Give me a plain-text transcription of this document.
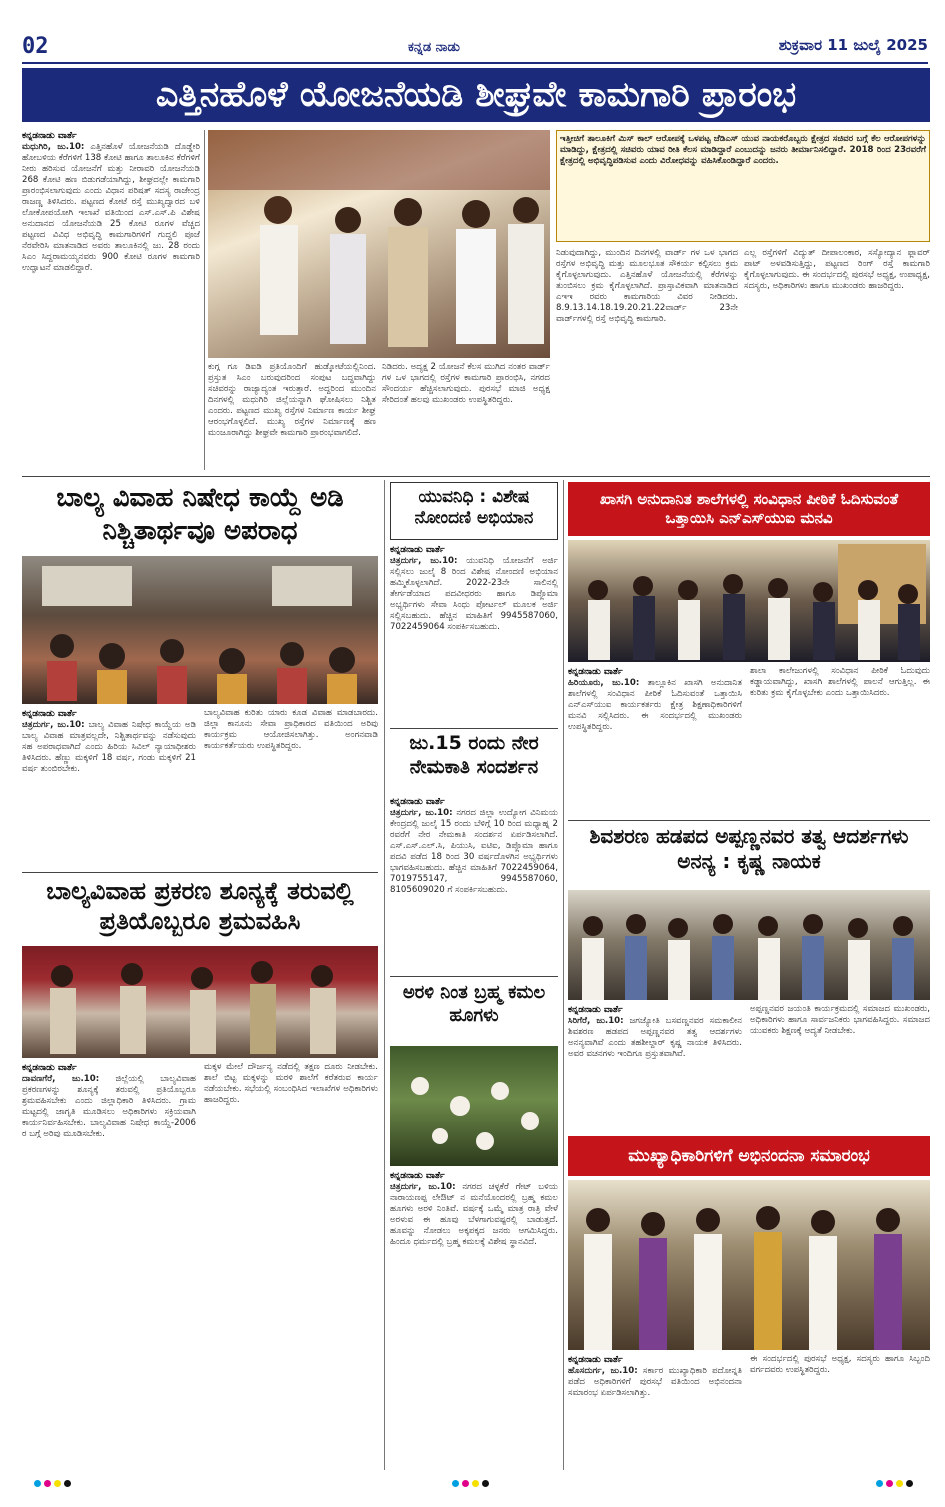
02	ಕನ್ನಡ ನಾಡು	ಶುಕ್ರವಾರ 11 ಜುಲೈ 2025
ಎತ್ತಿನಹೊಳೆ ಯೋಜನೆಯಡಿ ಶೀಘ್ರವೇ ಕಾಮಗಾರಿ ಪ್ರಾರಂಭ
ಕನ್ನಡನಾಡು ವಾರ್ತೆ
ಮಧುಗಿರಿ, ಜು.10: ಎತ್ತಿನಹೊಳೆ ಯೋಜನೆಯಡಿ ದೊಡ್ಡೇರಿ ಹೋಬಳಿಯ ಕೆರೆಗಳಿಗೆ 138 ಕೋಟಿ ಹಾಗೂ ತಾಲೂಕಿನ ಕೆರೆಗಳಿಗೆ ನೀರು ಹರಿಸುವ ಯೋಜನೆಗೆ ಮತ್ತು ನೀರಾವರಿ ಯೋಜನೆಯಡಿ 268 ಕೋಟಿ ಹಣ ಬಿಡುಗಡೆಯಾಗಿದ್ದು, ಶೀಘ್ರದಲ್ಲೇ ಕಾಮಗಾರಿ ಪ್ರಾರಂಭಿಸಲಾಗುವುದು ಎಂದು ವಿಧಾನ ಪರಿಷತ್ ಸದಸ್ಯ ರಾಜೇಂದ್ರ ರಾಜಣ್ಣ ತಿಳಿಸಿದರು. ಪಟ್ಟಣದ ಕೋಟೆ ರಸ್ತೆ ಮುಖ್ಯದ್ವಾರದ ಬಳಿ ಲೋಕೋಪಯೋಗಿ ಇಲಾಖೆ ವತಿಯಿಂದ ಎಸ್.ಎಸ್.ಪಿ ವಿಶೇಷ ಅನುದಾನದ ಯೋಜನೆಯಡಿ 25 ಕೋಟಿ ರೂಗಳ ವೆಚ್ಚದ ಪಟ್ಟಣದ ವಿವಿಧ ಅಭಿವೃದ್ಧಿ ಕಾಮಗಾರಿಗಳಿಗೆ ಗುದ್ದಲಿ ಪೂಜೆ ನೆರವೇರಿಸಿ ಮಾತನಾಡಿದ ಅವರು ತಾಲೂಕಿನಲ್ಲಿ ಜು. 28 ರಂದು ಸಿಎಂ ಸಿದ್ದರಾಮಯ್ಯನವರು 900 ಕೋಟಿ ರೂಗಳ ಕಾಮಗಾರಿ ಉದ್ಘಾಟನೆ ಮಾಡಲಿದ್ದಾರೆ.
ಕುಗ್ಗ ಗೂ ಡಿಐಡಿ ಪ್ರತಿಯೊಂದಿಗೆ ಹುಡ್ಕೋಟೆಯಲ್ಲಿನಿಂದ. ಪ್ರಸ್ತುತ ಸಿಎಂ ಬರುವುದರಿಂದ ಸಂಪುಟ ಬದ್ಧವಾಗಿದ್ದು ಸಚಿವರನ್ನು ರಾಜ್ಯಾದ್ಯಂತ ಇರುತ್ತಾರೆ. ಅದ್ದರಿಂದ ಮುಂದಿನ ದಿನಗಳಲ್ಲಿ ಮಧುಗಿರಿ ಜಿಲ್ಲೆಯನ್ನಾಗಿ ಘೋಷಿಸಲು ನಿಶ್ಚಿತ ಎಂದರು. ಪಟ್ಟಣದ ಮುಖ್ಯ ರಸ್ತೆಗಳ ನಿರ್ಮಾಣ ಕಾರ್ಯ ಶೀಘ್ರ ಆರಂಭಗೊಳ್ಳಲಿದೆ. ಮುಖ್ಯ ರಸ್ತೆಗಳ ನಿರ್ಮಾಣಕ್ಕೆ ಹಣ ಮಂಜೂರಾಗಿದ್ದು ಶೀಘ್ರವೇ ಕಾಮಗಾರಿ ಪ್ರಾರಂಭವಾಗಲಿದೆ.
ನಿಡಿದರು. ಅದ್ಯಕ್ಷ 2 ಯೋಜನೆ ಕೆಲಸ ಮುಗಿದ ನಂತರ ವಾರ್ಡ್ ಗಳ ಒಳ ಭಾಗದಲ್ಲಿ ರಸ್ತೆಗಳ ಕಾಮಗಾರಿ ಪ್ರಾರಂಭಿಸಿ, ನಗರದ ಸೌಂದರ್ಯ ಹೆಚ್ಚಿಸಲಾಗುವುದು. ಪುರಸಭೆ ಮಾಜಿ ಅಧ್ಯಕ್ಷ ಸೇರಿದಂತೆ ಹಲವು ಮುಖಂಡರು ಉಪಸ್ಥಿತರಿದ್ದರು.
ಇತ್ತೀಚಿಗೆ ತಾಲೂಕಿಗೆ ಮಿಸ್ ಕಾಲ್ ಆರೋಪಕ್ಕೆ ಒಳಪಟ್ಟ ಜೆಡಿಎಸ್ ಯುವ ನಾಯಕರೊಬ್ಬರು ಕ್ಷೇತ್ರದ ಸಚಿವರ ಬಗ್ಗೆ ಕೆಲ ಆರೋಪಗಳನ್ನು ಮಾಡಿದ್ದು, ಕ್ಷೇತ್ರದಲ್ಲಿ ಸಚಿವರು ಯಾವ ರೀತಿ ಕೆಲಸ ಮಾಡಿದ್ದಾರೆ ಎಂಬುದನ್ನು ಜನರು ತೀರ್ಮಾನಿಸಲಿದ್ದಾರೆ. 2018 ರಿಂದ 23ರವರೆಗೆ ಕ್ಷೇತ್ರದಲ್ಲಿ ಅಭಿವೃದ್ಧಿಪಡಿಸುವ ಎಂದು ವಿರೋಧವನ್ನು ವಹಿಸಿಕೊಂಡಿದ್ದಾರೆ ಎಂದರು.
ನಿಡುವುದಾಗಿದ್ದು, ಮುಂದಿನ ದಿನಗಳಲ್ಲಿ ವಾರ್ಡ್ ಗಳ ಒಳ ಭಾಗದ ರಸ್ತೆಗಳ ಅಭಿವೃದ್ಧಿ ಮತ್ತು ಮೂಲಭೂತ ಸೌಕರ್ಯ ಕಲ್ಪಿಸಲು ಕ್ರಮ ಕೈಗೊಳ್ಳಲಾಗುವುದು. ಎತ್ತಿನಹೊಳೆ ಯೋಜನೆಯಲ್ಲಿ ಕೆರೆಗಳನ್ನು ತುಂಬಿಸಲು ಕ್ರಮ ಕೈಗೊಳ್ಳಲಾಗಿದೆ. ಪ್ರಾಸ್ತಾವಿಕವಾಗಿ ಮಾತನಾಡಿದ ಎಇಇ ರವರು ಕಾಮಗಾರಿಯ ವಿವರ ನೀಡಿದರು. 8.9.13.14.18.19.20.21.22ವಾರ್ಡ್ 23ನೇ ವಾರ್ಡ್‌ಗಳಲ್ಲಿ ರಸ್ತೆ ಅಭಿವೃದ್ಧಿ ಕಾಮಗಾರಿ.
ಎಲ್ಲ ರಸ್ತೆಗಳಿಗೆ ವಿದ್ಯುತ್ ದೀಪಾಲಂಕಾರ, ಸಸ್ಯೋದ್ಯಾನ ಫ್ಲಾವರ್ ಪಾಟ್ ಅಳವಡಿಸುತ್ತಿದ್ದು, ಪಟ್ಟಣದ ರಿಂಗ್ ರಸ್ತೆ ಕಾಮಗಾರಿ ಕೈಗೊಳ್ಳಲಾಗುವುದು. ಈ ಸಂದರ್ಭದಲ್ಲಿ ಪುರಸಭೆ ಅಧ್ಯಕ್ಷ, ಉಪಾಧ್ಯಕ್ಷ, ಸದಸ್ಯರು, ಅಧಿಕಾರಿಗಳು ಹಾಗೂ ಮುಖಂಡರು ಹಾಜರಿದ್ದರು.
ಬಾಲ್ಯ ವಿವಾಹ ನಿಷೇಧ ಕಾಯ್ದೆ ಅಡಿ ನಿಶ್ಚಿತಾರ್ಥವೂ ಅಪರಾಧ
ಕನ್ನಡನಾಡು ವಾರ್ತೆ
ಚಿತ್ರದುರ್ಗ, ಜು.10: ಬಾಲ್ಯ ವಿವಾಹ ನಿಷೇಧ ಕಾಯ್ದೆಯ ಅಡಿ ಬಾಲ್ಯ ವಿವಾಹ ಮಾತ್ರವಲ್ಲದೇ, ನಿಶ್ಚಿತಾರ್ಥವನ್ನು ನಡೆಸುವುದು ಸಹ ಅಪರಾಧವಾಗಿದೆ ಎಂದು ಹಿರಿಯ ಸಿವಿಲ್ ನ್ಯಾಯಾಧೀಶರು ತಿಳಿಸಿದರು. ಹೆಣ್ಣು ಮಕ್ಕಳಿಗೆ 18 ವರ್ಷ, ಗಂಡು ಮಕ್ಕಳಿಗೆ 21 ವರ್ಷ ತುಂಬಿರಬೇಕು.
ಬಾಲ್ಯವಿವಾಹ ಕುರಿತು ಯಾರು ಕೂಡ ವಿವಾಹ ಮಾಡಬಾರದು. ಜಿಲ್ಲಾ ಕಾನೂನು ಸೇವಾ ಪ್ರಾಧಿಕಾರದ ವತಿಯಿಂದ ಅರಿವು ಕಾರ್ಯಕ್ರಮ ಆಯೋಜಿಸಲಾಗಿತ್ತು. ಅಂಗನವಾಡಿ ಕಾರ್ಯಕರ್ತೆಯರು ಉಪಸ್ಥಿತರಿದ್ದರು.
ಬಾಲ್ಯವಿವಾಹ ಪ್ರಕರಣ ಶೂನ್ಯಕ್ಕೆ ತರುವಲ್ಲಿ ಪ್ರತಿಯೊಬ್ಬರೂ ಶ್ರಮವಹಿಸಿ
ಕನ್ನಡನಾಡು ವಾರ್ತೆ
ದಾವಣಗೆರೆ, ಜು.10: ಜಿಲ್ಲೆಯಲ್ಲಿ ಬಾಲ್ಯವಿವಾಹ ಪ್ರಕರಣಗಳನ್ನು ಶೂನ್ಯಕ್ಕೆ ತರುವಲ್ಲಿ ಪ್ರತಿಯೊಬ್ಬರೂ ಶ್ರಮವಹಿಸಬೇಕು ಎಂದು ಜಿಲ್ಲಾಧಿಕಾರಿ ತಿಳಿಸಿದರು. ಗ್ರಾಮ ಮಟ್ಟದಲ್ಲಿ ಜಾಗೃತಿ ಮೂಡಿಸಲು ಅಧಿಕಾರಿಗಳು ಸಕ್ರಿಯವಾಗಿ ಕಾರ್ಯನಿರ್ವಹಿಸಬೇಕು. ಬಾಲ್ಯವಿವಾಹ ನಿಷೇಧ ಕಾಯ್ದೆ-2006 ರ ಬಗ್ಗೆ ಅರಿವು ಮೂಡಿಸಬೇಕು.
ಮಕ್ಕಳ ಮೇಲೆ ದೌರ್ಜನ್ಯ ನಡೆದಲ್ಲಿ ತಕ್ಷಣ ದೂರು ನೀಡಬೇಕು. ಶಾಲೆ ಬಿಟ್ಟ ಮಕ್ಕಳನ್ನು ಮರಳಿ ಶಾಲೆಗೆ ಕರೆತರುವ ಕಾರ್ಯ ನಡೆಯಬೇಕು. ಸಭೆಯಲ್ಲಿ ಸಂಬಂಧಿಸಿದ ಇಲಾಖೆಗಳ ಅಧಿಕಾರಿಗಳು ಹಾಜರಿದ್ದರು.
ಯುವನಿಧಿ : ವಿಶೇಷ ನೋಂದಣಿ ಅಭಿಯಾನ
ಕನ್ನಡನಾಡು ವಾರ್ತೆ
ಚಿತ್ರದುರ್ಗ, ಜು.10: ಯುವನಿಧಿ ಯೋಜನೆಗೆ ಅರ್ಜಿ ಸಲ್ಲಿಸಲು ಜುಲೈ 8 ರಿಂದ ವಿಶೇಷ ನೋಂದಣಿ ಅಭಿಯಾನ ಹಮ್ಮಿಕೊಳ್ಳಲಾಗಿದೆ. 2022-23ನೇ ಸಾಲಿನಲ್ಲಿ ತೇರ್ಗಡೆಯಾದ ಪದವೀಧರರು ಹಾಗೂ ಡಿಪ್ಲೊಮಾ ಅಭ್ಯರ್ಥಿಗಳು ಸೇವಾ ಸಿಂಧು ಪೋರ್ಟಲ್ ಮೂಲಕ ಅರ್ಜಿ ಸಲ್ಲಿಸಬಹುದು. ಹೆಚ್ಚಿನ ಮಾಹಿತಿಗೆ 9945587060, 7022459064 ಸಂಪರ್ಕಿಸಬಹುದು.
ಜು.15 ರಂದು ನೇರ ನೇಮಕಾತಿ ಸಂದರ್ಶನ
ಕನ್ನಡನಾಡು ವಾರ್ತೆ
ಚಿತ್ರದುರ್ಗ, ಜು.10: ನಗರದ ಜಿಲ್ಲಾ ಉದ್ಯೋಗ ವಿನಿಮಯ ಕೇಂದ್ರದಲ್ಲಿ ಜುಲೈ 15 ರಂದು ಬೆಳಿಗ್ಗೆ 10 ರಿಂದ ಮಧ್ಯಾಹ್ನ 2 ರವರೆಗೆ ನೇರ ನೇಮಕಾತಿ ಸಂದರ್ಶನ ಏರ್ಪಡಿಸಲಾಗಿದೆ. ಎಸ್.ಎಸ್.ಎಲ್.ಸಿ, ಪಿಯುಸಿ, ಐಟಿಐ, ಡಿಪ್ಲೊಮಾ ಹಾಗೂ ಪದವಿ ಪಡೆದ 18 ರಿಂದ 30 ವರ್ಷದೊಳಗಿನ ಅಭ್ಯರ್ಥಿಗಳು ಭಾಗವಹಿಸಬಹುದು. ಹೆಚ್ಚಿನ ಮಾಹಿತಿಗೆ 7022459064, 7019755147, 9945587060, 8105609020 ಗೆ ಸಂಪರ್ಕಿಸಬಹುದು.
ಅರಳಿ ನಿಂತ ಬ್ರಹ್ಮ ಕಮಲ ಹೂಗಳು
ಕನ್ನಡನಾಡು ವಾರ್ತೆ
ಚಿತ್ರದುರ್ಗ, ಜು.10: ನಗರದ ಚಳ್ಳಕೆರೆ ಗೇಟ್ ಬಳಿಯ ನಾರಾಯಣಪ್ಪ ಲೇಔಟ್ ನ ಮನೆಯೊಂದರಲ್ಲಿ ಬ್ರಹ್ಮ ಕಮಲ ಹೂಗಳು ಅರಳಿ ನಿಂತಿವೆ. ವರ್ಷಕ್ಕೆ ಒಮ್ಮೆ ಮಾತ್ರ ರಾತ್ರಿ ವೇಳೆ ಅರಳುವ ಈ ಹೂವು ಬೆಳಗಾಗುವಷ್ಟರಲ್ಲಿ ಬಾಡುತ್ತದೆ. ಹೂವನ್ನು ನೋಡಲು ಅಕ್ಕಪಕ್ಕದ ಜನರು ಆಗಮಿಸಿದ್ದರು. ಹಿಂದೂ ಧರ್ಮದಲ್ಲಿ ಬ್ರಹ್ಮ ಕಮಲಕ್ಕೆ ವಿಶೇಷ ಸ್ಥಾನವಿದೆ.
ಖಾಸಗಿ ಅನುದಾನಿತ ಶಾಲೆಗಳಲ್ಲಿ ಸಂವಿಧಾನ ಪೀಠಿಕೆ ಓದಿಸುವಂತೆ ಒತ್ತಾಯಿಸಿ ಎನ್‌ಎಸ್‌ಯುಐ ಮನವಿ
ಕನ್ನಡನಾಡು ವಾರ್ತೆ
ಹಿರಿಯೂರು, ಜು.10: ತಾಲ್ಲೂಕಿನ ಖಾಸಗಿ ಅನುದಾನಿತ ಶಾಲೆಗಳಲ್ಲಿ ಸಂವಿಧಾನ ಪೀಠಿಕೆ ಓದಿಸುವಂತೆ ಒತ್ತಾಯಿಸಿ ಎನ್‌ಎಸ್‌ಯುಐ ಕಾರ್ಯಕರ್ತರು ಕ್ಷೇತ್ರ ಶಿಕ್ಷಣಾಧಿಕಾರಿಗಳಿಗೆ ಮನವಿ ಸಲ್ಲಿಸಿದರು. ಈ ಸಂದರ್ಭದಲ್ಲಿ ಮುಖಂಡರು ಉಪಸ್ಥಿತರಿದ್ದರು.
ಶಾಲಾ ಕಾಲೇಜುಗಳಲ್ಲಿ ಸಂವಿಧಾನ ಪೀಠಿಕೆ ಓದುವುದು ಕಡ್ಡಾಯವಾಗಿದ್ದು, ಖಾಸಗಿ ಶಾಲೆಗಳಲ್ಲಿ ಪಾಲನೆ ಆಗುತ್ತಿಲ್ಲ. ಈ ಕುರಿತು ಕ್ರಮ ಕೈಗೊಳ್ಳಬೇಕು ಎಂದು ಒತ್ತಾಯಿಸಿದರು.
ಶಿವಶರಣ ಹಡಪದ ಅಪ್ಪಣ್ಣನವರ ತತ್ವ ಆದರ್ಶಗಳು ಅನನ್ಯ : ಕೃಷ್ಣ ನಾಯಕ
ಕನ್ನಡನಾಡು ವಾರ್ತೆ
ಸಿರಿಗೆರೆ, ಜು.10: ಜಗಜ್ಯೋತಿ ಬಸವಣ್ಣನವರ ಸಮಕಾಲೀನ ಶಿವಶರಣ ಹಡಪದ ಅಪ್ಪಣ್ಣನವರ ತತ್ವ ಆದರ್ಶಗಳು ಅನನ್ಯವಾಗಿವೆ ಎಂದು ತಹಶೀಲ್ದಾರ್ ಕೃಷ್ಣ ನಾಯಕ ತಿಳಿಸಿದರು. ಅವರ ವಚನಗಳು ಇಂದಿಗೂ ಪ್ರಸ್ತುತವಾಗಿವೆ.
ಅಪ್ಪಣ್ಣನವರ ಜಯಂತಿ ಕಾರ್ಯಕ್ರಮದಲ್ಲಿ ಸಮಾಜದ ಮುಖಂಡರು, ಅಧಿಕಾರಿಗಳು ಹಾಗೂ ಸಾರ್ವಜನಿಕರು ಭಾಗವಹಿಸಿದ್ದರು. ಸಮಾಜದ ಯುವಕರು ಶಿಕ್ಷಣಕ್ಕೆ ಆದ್ಯತೆ ನೀಡಬೇಕು.
ಮುಖ್ಯಾಧಿಕಾರಿಗಳಿಗೆ ಅಭಿನಂದನಾ ಸಮಾರಂಭ
ಕನ್ನಡನಾಡು ವಾರ್ತೆ
ಹೊಸದುರ್ಗ, ಜು.10: ಸರ್ಕಾರ ಮುಖ್ಯಾಧಿಕಾರಿ ಪದೋನ್ನತಿ ಪಡೆದ ಅಧಿಕಾರಿಗಳಿಗೆ ಪುರಸಭೆ ವತಿಯಿಂದ ಅಭಿನಂದನಾ ಸಮಾರಂಭ ಏರ್ಪಡಿಸಲಾಗಿತ್ತು.
ಈ ಸಂದರ್ಭದಲ್ಲಿ ಪುರಸಭೆ ಅಧ್ಯಕ್ಷ, ಸದಸ್ಯರು ಹಾಗೂ ಸಿಬ್ಬಂದಿ ವರ್ಗದವರು ಉಪಸ್ಥಿತರಿದ್ದರು.
